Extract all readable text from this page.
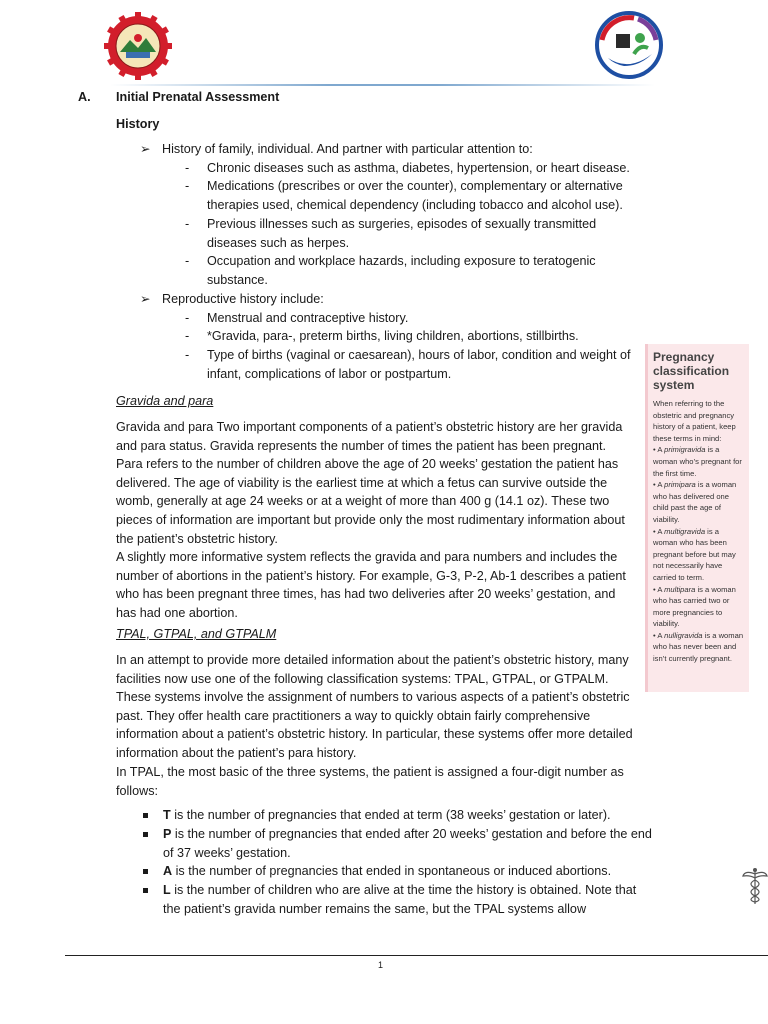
A. Initial Prenatal Assessment
History
➢ History of family, individual. And partner with particular attention to:
- Chronic diseases such as asthma, diabetes, hypertension, or heart disease.
- Medications (prescribes or over the counter), complementary or alternative therapies used, chemical dependency (including tobacco and alcohol use).
- Previous illnesses such as surgeries, episodes of sexually transmitted diseases such as herpes.
- Occupation and workplace hazards, including exposure to teratogenic substance.
➢ Reproductive history include:
- Menstrual and contraceptive history.
- *Gravida, para-, preterm births, living children, abortions, stillbirths.
- Type of births (vaginal or caesarean), hours of labor, condition and weight of infant, complications of labor or postpartum.
Gravida and para
Gravida and para Two important components of a patient’s obstetric history are her gravida and para status. Gravida represents the number of times the patient has been pregnant. Para refers to the number of children above the age of 20 weeks’ gestation the patient has delivered. The age of viability is the earliest time at which a fetus can survive outside the womb, generally at age 24 weeks or at a weight of more than 400 g (14.1 oz). These two pieces of information are important but provide only the most rudimentary information about the patient’s obstetric history.
A slightly more informative system reflects the gravida and para numbers and includes the number of abortions in the patient’s history. For example, G-3, P-2, Ab-1 describes a patient who has been pregnant three times, has had two deliveries after 20 weeks’ gestation, and has had one abortion.
TPAL, GTPAL, and GTPALM
In an attempt to provide more detailed information about the patient’s obstetric history, many facilities now use one of the following classification systems: TPAL, GTPAL, or GTPALM. These systems involve the assignment of numbers to various aspects of a patient’s obstetric past. They offer health care practitioners a way to quickly obtain fairly comprehensive information about a patient’s obstetric history. In particular, these systems offer more detailed information about the patient’s para history.
In TPAL, the most basic of the three systems, the patient is assigned a four-digit number as follows:
T is the number of pregnancies that ended at term (38 weeks’ gestation or later).
P is the number of pregnancies that ended after 20 weeks’ gestation and before the end of 37 weeks’ gestation.
A is the number of pregnancies that ended in spontaneous or induced abortions.
L is the number of children who are alive at the time the history is obtained. Note that the patient’s gravida number remains the same, but the TPAL systems allow
Pregnancy classification system
When referring to the obstetric and pregnancy history of a patient, keep these terms in mind:
• A primigravida is a woman who’s pregnant for the first time.
• A primipara is a woman who has delivered one child past the age of viability.
• A multigravida is a woman who has been pregnant before but may not necessarily have carried to term.
• A multipara is a woman who has carried two or more pregnancies to viability.
• A nulligravida is a woman who has never been and isn’t currently pregnant.
1
